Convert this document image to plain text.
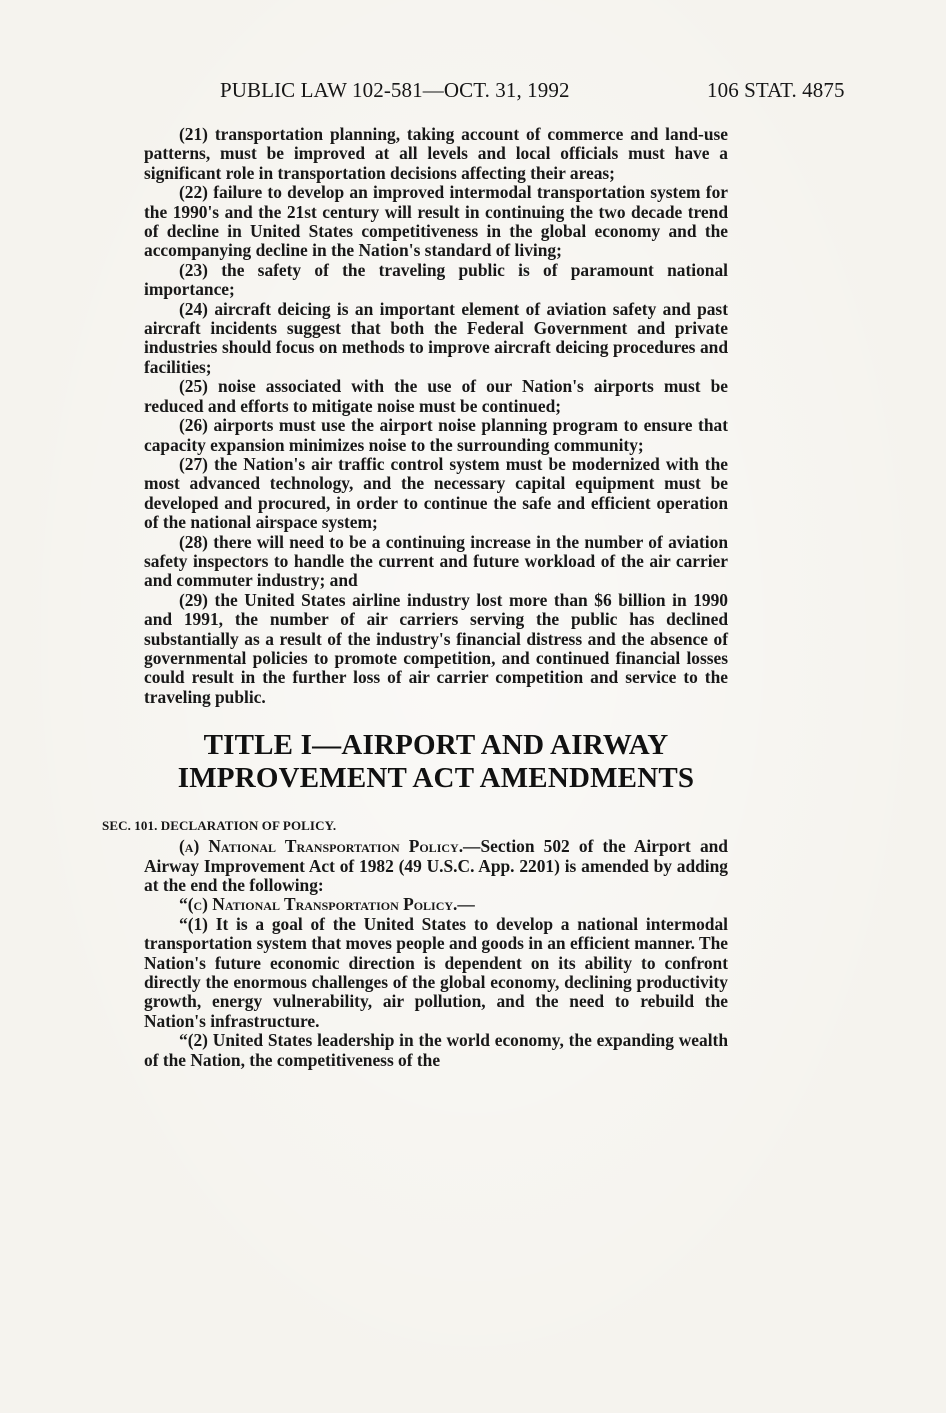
PUBLIC LAW 102-581—OCT. 31, 1992	106 STAT. 4875

(21) transportation planning, taking account of commerce and land-use patterns, must be improved at all levels and local officials must have a significant role in transportation decisions affecting their areas;

(22) failure to develop an improved intermodal transportation system for the 1990's and the 21st century will result in continuing the two decade trend of decline in United States competitiveness in the global economy and the accompanying decline in the Nation's standard of living;

(23) the safety of the traveling public is of paramount national importance;

(24) aircraft deicing is an important element of aviation safety and past aircraft incidents suggest that both the Federal Government and private industries should focus on methods to improve aircraft deicing procedures and facilities;

(25) noise associated with the use of our Nation's airports must be reduced and efforts to mitigate noise must be continued;

(26) airports must use the airport noise planning program to ensure that capacity expansion minimizes noise to the surrounding community;

(27) the Nation's air traffic control system must be modernized with the most advanced technology, and the necessary capital equipment must be developed and procured, in order to continue the safe and efficient operation of the national airspace system;

(28) there will need to be a continuing increase in the number of aviation safety inspectors to handle the current and future workload of the air carrier and commuter industry; and

(29) the United States airline industry lost more than $6 billion in 1990 and 1991, the number of air carriers serving the public has declined substantially as a result of the industry's financial distress and the absence of governmental policies to promote competition, and continued financial losses could result in the further loss of air carrier competition and service to the traveling public.

TITLE I—AIRPORT AND AIRWAY
IMPROVEMENT ACT AMENDMENTS
SEC. 101. DECLARATION OF POLICY.

(a) National Transportation Policy.—Section 502 of the Airport and Airway Improvement Act of 1982 (49 U.S.C. App. 2201) is amended by adding at the end the following:

“(c) National Transportation Policy.—

“(1) It is a goal of the United States to develop a national intermodal transportation system that moves people and goods in an efficient manner. The Nation's future economic direction is dependent on its ability to confront directly the enormous challenges of the global economy, declining productivity growth, energy vulnerability, air pollution, and the need to rebuild the Nation's infrastructure.

“(2) United States leadership in the world economy, the expanding wealth of the Nation, the competitiveness of the
